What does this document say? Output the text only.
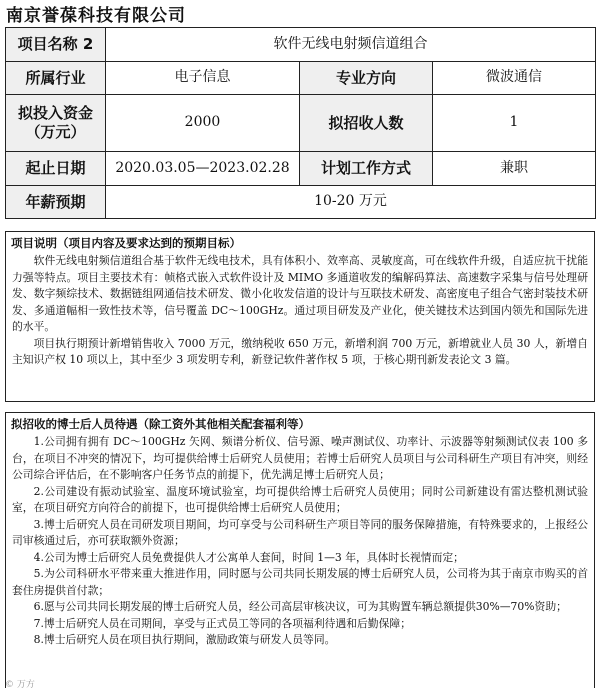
南京誉葆科技有限公司
项目名称 2	软件无线电射频信道组合		
所属行业	电子信息	专业方向	微波通信

拟投入资金
（万元）	2000	拟招收人数	1
起止日期	2020.03.05—2023.02.28	计划工作方式	兼职
年薪预期	10-20 万元		
项目说明（项目内容及要求达到的预期目标）

软件无线电射频信道组合基于软件无线电技术，具有体积小、效率高、灵敏度高，可在线软件升级，自适应抗干扰能力强等特点。项目主要技术有：帧格式嵌入式软件设计及 MIMO 多通道收发的编解码算法、高速数字采集与信号处理研发、数字频综技术、数据链组网通信技术研发、微小化收发信道的设计与互联技术研发、高密度电子组合气密封装技术研发、多通道幅相一致性技术等，信号覆盖 DC～100GHz。通过项目研发及产业化，使关键技术达到国内领先和国际先进的水平。

项目执行期预计新增销售收入 7000 万元，缴纳税收 650 万元，新增利润 700 万元，新增就业人员 30 人，新增自主知识产权 10 项以上，其中至少 3 项发明专利，新登记软件著作权 5 项，于核心期刊新发表论文 3 篇。

拟招收的博士后人员待遇（除工资外其他相关配套福利等）

1.公司拥有拥有 DC～100GHz 矢网、频谱分析仪、信号源、噪声测试仪、功率计、示波器等射频测试仪表 100 多台，在项目不冲突的情况下，均可提供给博士后研究人员使用；若博士后研究人员项目与公司科研生产项目有冲突，则经公司综合评估后，在不影响客户任务节点的前提下，优先满足博士后研究人员；

2.公司建设有振动试验室、温度环境试验室，均可提供给博士后研究人员使用；同时公司新建设有雷达整机测试验室，在项目研究方向符合的前提下，也可提供给博士后研究人员使用；

3.博士后研究人员在司研发项目期间，均可享受与公司科研生产项目等同的服务保障措施，有特殊要求的，上报经公司审核通过后，亦可获取额外资源；

4.公司为博士后研究人员免费提供人才公寓单人套间，时间 1—3 年，具体时长视情而定；

5.为公司科研水平带来重大推进作用，同时愿与公司共同长期发展的博士后研究人员，公司将为其于南京市购买的首套住房提供首付款；

6.愿与公司共同长期发展的博士后研究人员，经公司高层审核决议，可为其购置车辆总额提供30%—70%资助；

7.博士后研究人员在司期间，享受与正式员工等同的各项福利待遇和后勤保障；

8.博士后研究人员在项目执行期间，激励政策与研发人员等同。

© 万方
